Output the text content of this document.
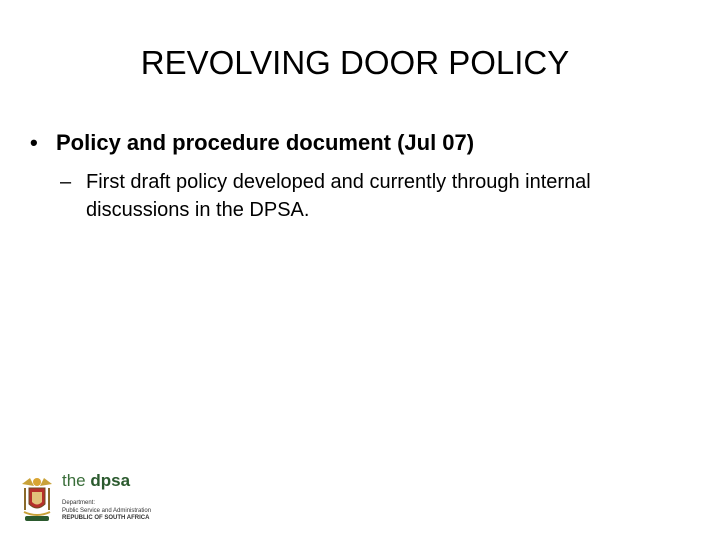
REVOLVING DOOR POLICY
• Policy and procedure document (Jul 07)
– First draft policy developed and currently through internal discussions in the DPSA.
the dpsa
Department:
Public Service and Administration
REPUBLIC OF SOUTH AFRICA
